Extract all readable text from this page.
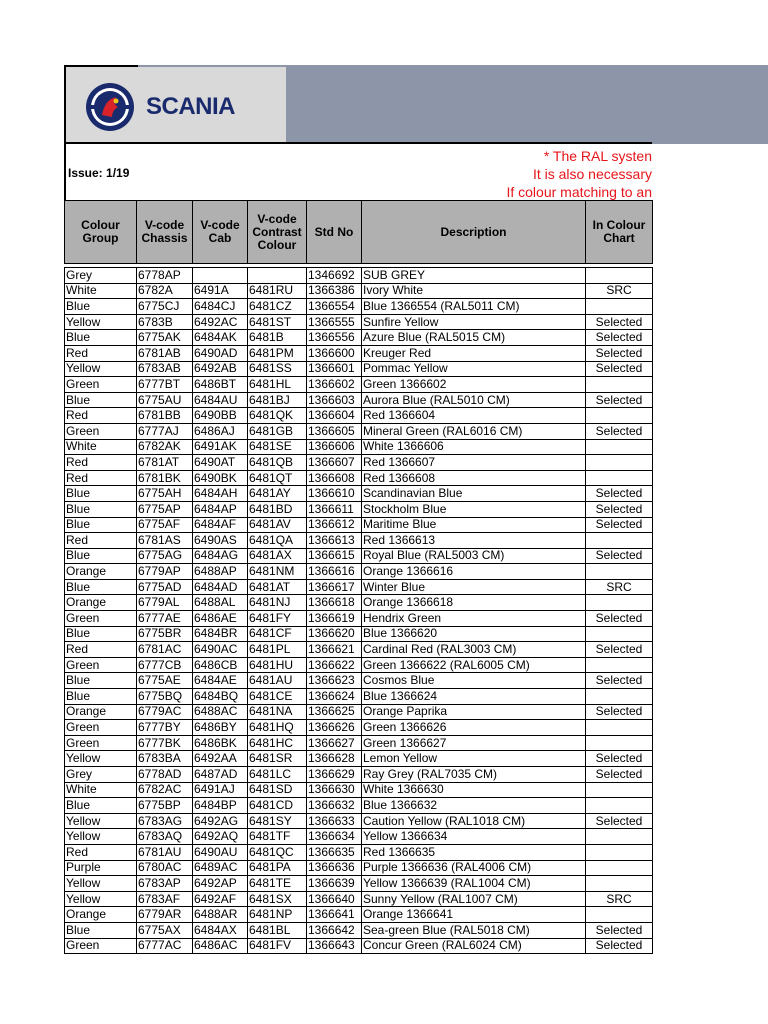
SCANIA
Issue: 1/19
* The RAL systen
It is also necessary
If colour matching to an
Colour Group	V-code Chassis	V-code Cab	V-code Contrast Colour	Std No	Description	In Colour Chart

Grey	6778AP			1346692	SUB GREY	
White	6782A	6491A	6481RU	1366386	Ivory White	SRC
Blue	6775CJ	6484CJ	6481CZ	1366554	Blue 1366554 (RAL5011 CM)	
Yellow	6783B	6492AC	6481ST	1366555	Sunfire Yellow	Selected
Blue	6775AK	6484AK	6481B	1366556	Azure Blue (RAL5015 CM)	Selected
Red	6781AB	6490AD	6481PM	1366600	Kreuger Red	Selected
Yellow	6783AB	6492AB	6481SS	1366601	Pommac Yellow	Selected
Green	6777BT	6486BT	6481HL	1366602	Green 1366602	
Blue	6775AU	6484AU	6481BJ	1366603	Aurora Blue (RAL5010 CM)	Selected
Red	6781BB	6490BB	6481QK	1366604	Red 1366604	
Green	6777AJ	6486AJ	6481GB	1366605	Mineral Green (RAL6016 CM)	Selected
White	6782AK	6491AK	6481SE	1366606	White 1366606	
Red	6781AT	6490AT	6481QB	1366607	Red 1366607	
Red	6781BK	6490BK	6481QT	1366608	Red 1366608	
Blue	6775AH	6484AH	6481AY	1366610	Scandinavian Blue	Selected
Blue	6775AP	6484AP	6481BD	1366611	Stockholm Blue	Selected
Blue	6775AF	6484AF	6481AV	1366612	Maritime Blue	Selected
Red	6781AS	6490AS	6481QA	1366613	Red 1366613	
Blue	6775AG	6484AG	6481AX	1366615	Royal Blue (RAL5003 CM)	Selected
Orange	6779AP	6488AP	6481NM	1366616	Orange 1366616	
Blue	6775AD	6484AD	6481AT	1366617	Winter Blue	SRC
Orange	6779AL	6488AL	6481NJ	1366618	Orange 1366618	
Green	6777AE	6486AE	6481FY	1366619	Hendrix Green	Selected
Blue	6775BR	6484BR	6481CF	1366620	Blue 1366620	
Red	6781AC	6490AC	6481PL	1366621	Cardinal Red (RAL3003 CM)	Selected
Green	6777CB	6486CB	6481HU	1366622	Green 1366622 (RAL6005 CM)	
Blue	6775AE	6484AE	6481AU	1366623	Cosmos Blue	Selected
Blue	6775BQ	6484BQ	6481CE	1366624	Blue 1366624	
Orange	6779AC	6488AC	6481NA	1366625	Orange Paprika	Selected
Green	6777BY	6486BY	6481HQ	1366626	Green 1366626	
Green	6777BK	6486BK	6481HC	1366627	Green 1366627	
Yellow	6783BA	6492AA	6481SR	1366628	Lemon Yellow	Selected
Grey	6778AD	6487AD	6481LC	1366629	Ray Grey (RAL7035 CM)	Selected
White	6782AC	6491AJ	6481SD	1366630	White 1366630	
Blue	6775BP	6484BP	6481CD	1366632	Blue 1366632	
Yellow	6783AG	6492AG	6481SY	1366633	Caution Yellow (RAL1018 CM)	Selected
Yellow	6783AQ	6492AQ	6481TF	1366634	Yellow 1366634	
Red	6781AU	6490AU	6481QC	1366635	Red 1366635	
Purple	6780AC	6489AC	6481PA	1366636	Purple 1366636 (RAL4006 CM)	
Yellow	6783AP	6492AP	6481TE	1366639	Yellow 1366639 (RAL1004 CM)	
Yellow	6783AF	6492AF	6481SX	1366640	Sunny Yellow (RAL1007 CM)	SRC
Orange	6779AR	6488AR	6481NP	1366641	Orange 1366641	
Blue	6775AX	6484AX	6481BL	1366642	Sea-green Blue (RAL5018 CM)	Selected
Green	6777AC	6486AC	6481FV	1366643	Concur Green (RAL6024 CM)	Selected
